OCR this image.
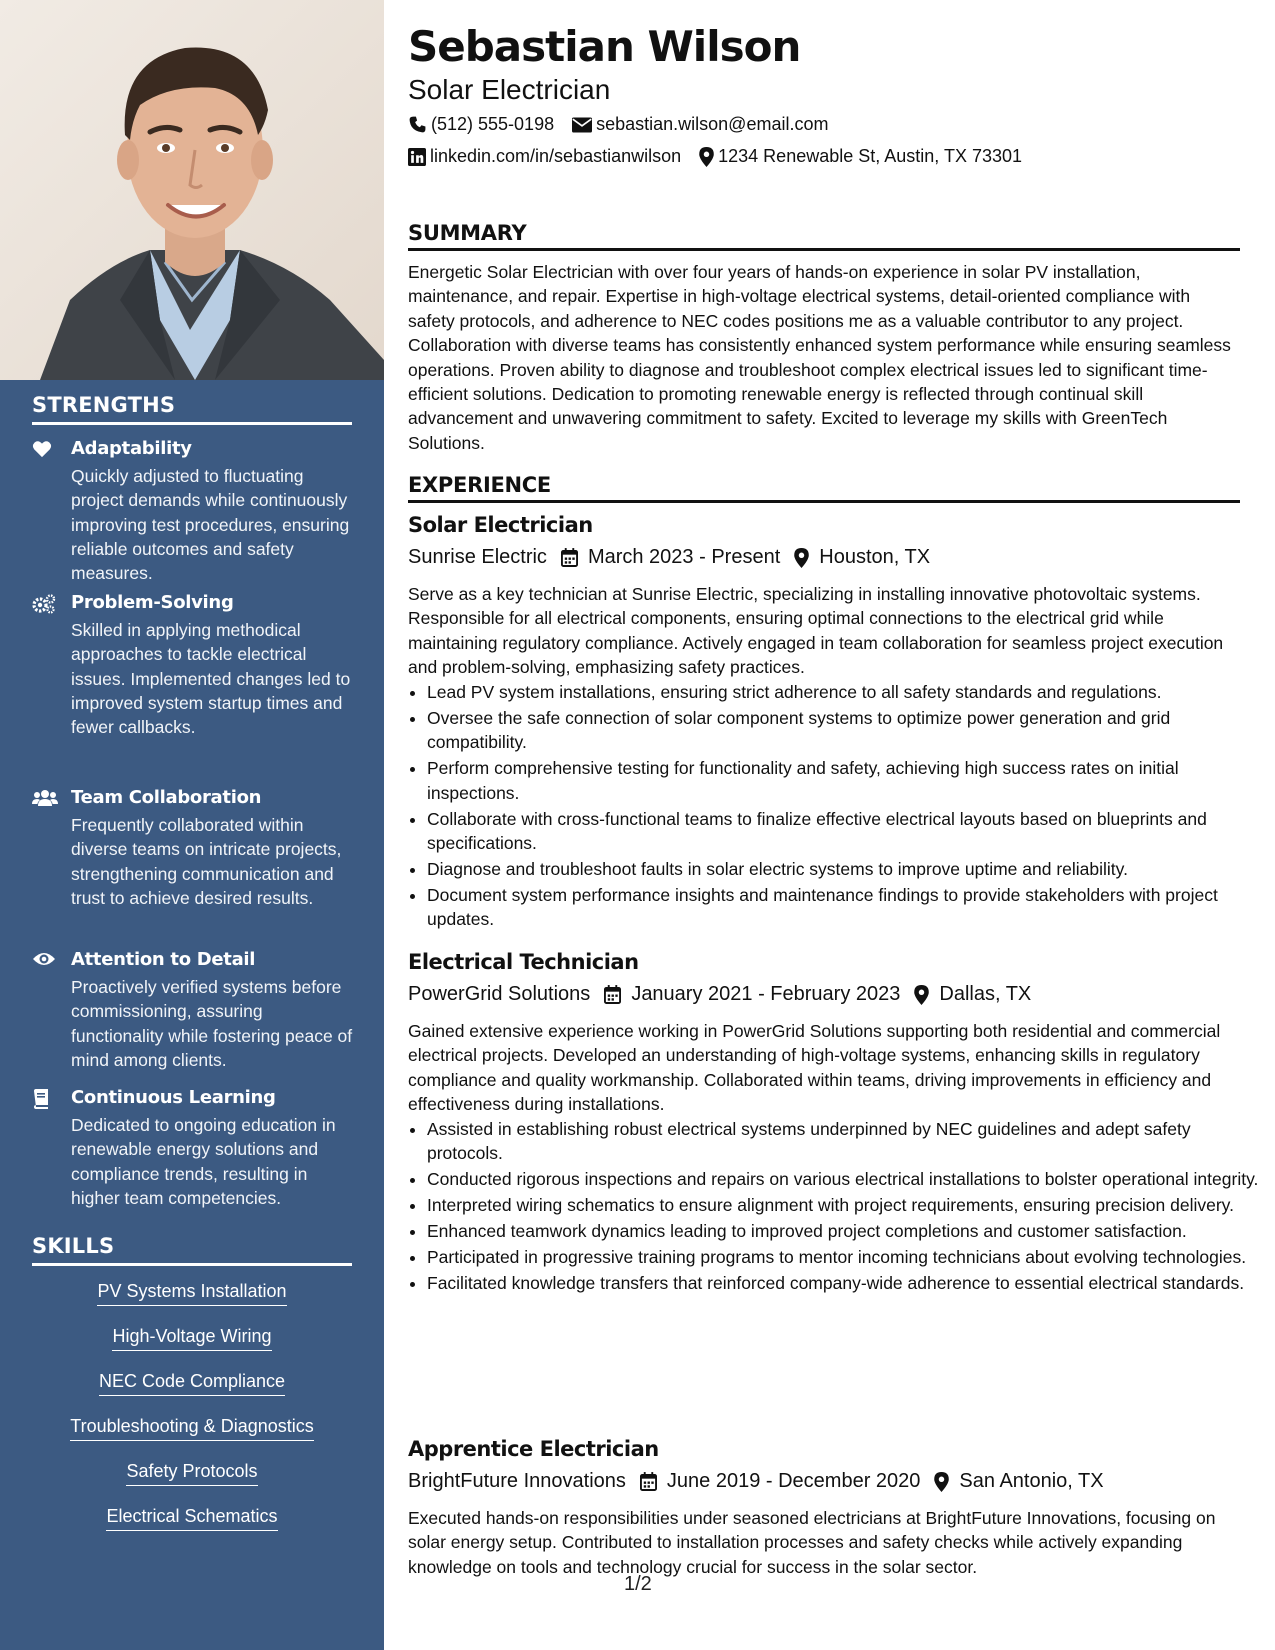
STRENGTHS
Adaptability
Quickly adjusted to fluctuating project demands while continuously improving test procedures, ensuring reliable outcomes and safety measures.
Problem-Solving
Skilled in applying methodical approaches to tackle electrical issues. Implemented changes led to improved system startup times and fewer callbacks.
Team Collaboration
Frequently collaborated within diverse teams on intricate projects, strengthening communication and trust to achieve desired results.
Attention to Detail
Proactively verified systems before commissioning, assuring functionality while fostering peace of mind among clients.
Continuous Learning
Dedicated to ongoing education in renewable energy solutions and compliance trends, resulting in higher team competencies.
SKILLS
PV Systems Installation
High-Voltage Wiring
NEC Code Compliance
Troubleshooting & Diagnostics
Safety Protocols
Electrical Schematics
Sebastian Wilson
Solar Electrician
(512) 555-0198 sebastian.wilson@email.com
linkedin.com/in/sebastianwilson 1234 Renewable St, Austin, TX 73301
SUMMARY

Energetic Solar Electrician with over four years of hands-on experience in solar PV installation, maintenance, and repair. Expertise in high-voltage electrical systems, detail-oriented compliance with safety protocols, and adherence to NEC codes positions me as a valuable contributor to any project. Collaboration with diverse teams has consistently enhanced system performance while ensuring seamless operations. Proven ability to diagnose and troubleshoot complex electrical issues led to significant time-efficient solutions. Dedication to promoting renewable energy is reflected through continual skill advancement and unwavering commitment to safety. Excited to leverage my skills with GreenTech Solutions.

EXPERIENCE
Solar Electrician
Sunrise Electric March 2023 - Present Houston, TX

Serve as a key technician at Sunrise Electric, specializing in installing innovative photovoltaic systems. Responsible for all electrical components, ensuring optimal connections to the electrical grid while maintaining regulatory compliance. Actively engaged in team collaboration for seamless project execution and problem-solving, emphasizing safety practices.

• Lead PV system installations, ensuring strict adherence to all safety standards and regulations.
• Oversee the safe connection of solar component systems to optimize power generation and grid compatibility.
• Perform comprehensive testing for functionality and safety, achieving high success rates on initial inspections.
• Collaborate with cross-functional teams to finalize effective electrical layouts based on blueprints and specifications.
• Diagnose and troubleshoot faults in solar electric systems to improve uptime and reliability.
• Document system performance insights and maintenance findings to provide stakeholders with project updates.
Electrical Technician
PowerGrid Solutions January 2021 - February 2023 Dallas, TX

Gained extensive experience working in PowerGrid Solutions supporting both residential and commercial electrical projects. Developed an understanding of high-voltage systems, enhancing skills in regulatory compliance and quality workmanship. Collaborated within teams, driving improvements in efficiency and effectiveness during installations.

• Assisted in establishing robust electrical systems underpinned by NEC guidelines and adept safety protocols.
• Conducted rigorous inspections and repairs on various electrical installations to bolster operational integrity.
• Interpreted wiring schematics to ensure alignment with project requirements, ensuring precision delivery.
• Enhanced teamwork dynamics leading to improved project completions and customer satisfaction.
• Participated in progressive training programs to mentor incoming technicians about evolving technologies.
• Facilitated knowledge transfers that reinforced company-wide adherence to essential electrical standards.
Apprentice Electrician
BrightFuture Innovations June 2019 - December 2020 San Antonio, TX

Executed hands-on responsibilities under seasoned electricians at BrightFuture Innovations, focusing on solar energy setup. Contributed to installation processes and safety checks while actively expanding knowledge on tools and technology crucial for success in the solar sector.

1/2
